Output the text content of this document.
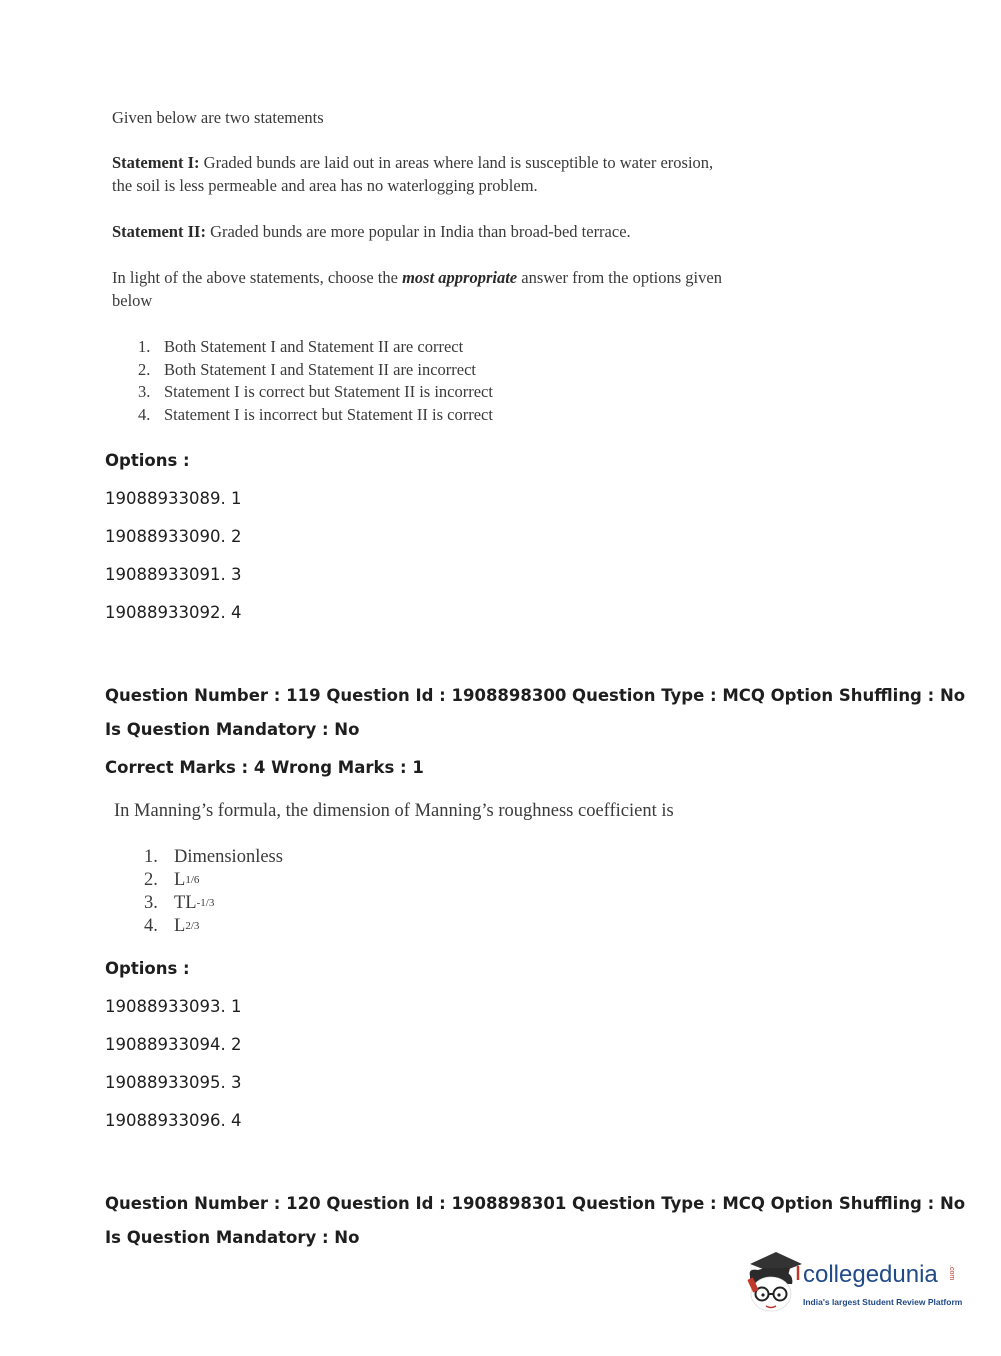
Given below are two statements
Statement I: Graded bunds are laid out in areas where land is susceptible to water erosion,
the soil is less permeable and area has no waterlogging problem.
Statement II: Graded bunds are more popular in India than broad-bed terrace.
In light of the above statements, choose the most appropriate answer from the options given
below
1. Both Statement I and Statement II are correct
2. Both Statement I and Statement II are incorrect
3. Statement I is correct but Statement II is incorrect
4. Statement I is incorrect but Statement II is correct
Options :
19088933089. 1
19088933090. 2
19088933091. 3
19088933092. 4
Question Number : 119 Question Id : 1908898300 Question Type : MCQ Option Shuffling : No
Is Question Mandatory : No
Correct Marks : 4 Wrong Marks : 1
In Manning’s formula, the dimension of Manning’s roughness coefficient is
1. Dimensionless
2. L 1/6
3. TL -1/3
4. L 2/3
Options :
19088933093. 1
19088933094. 2
19088933095. 3
19088933096. 4
Question Number : 120 Question Id : 1908898301 Question Type : MCQ Option Shuffling : No
Is Question Mandatory : No
collegedunia .com
India's largest Student Review Platform
